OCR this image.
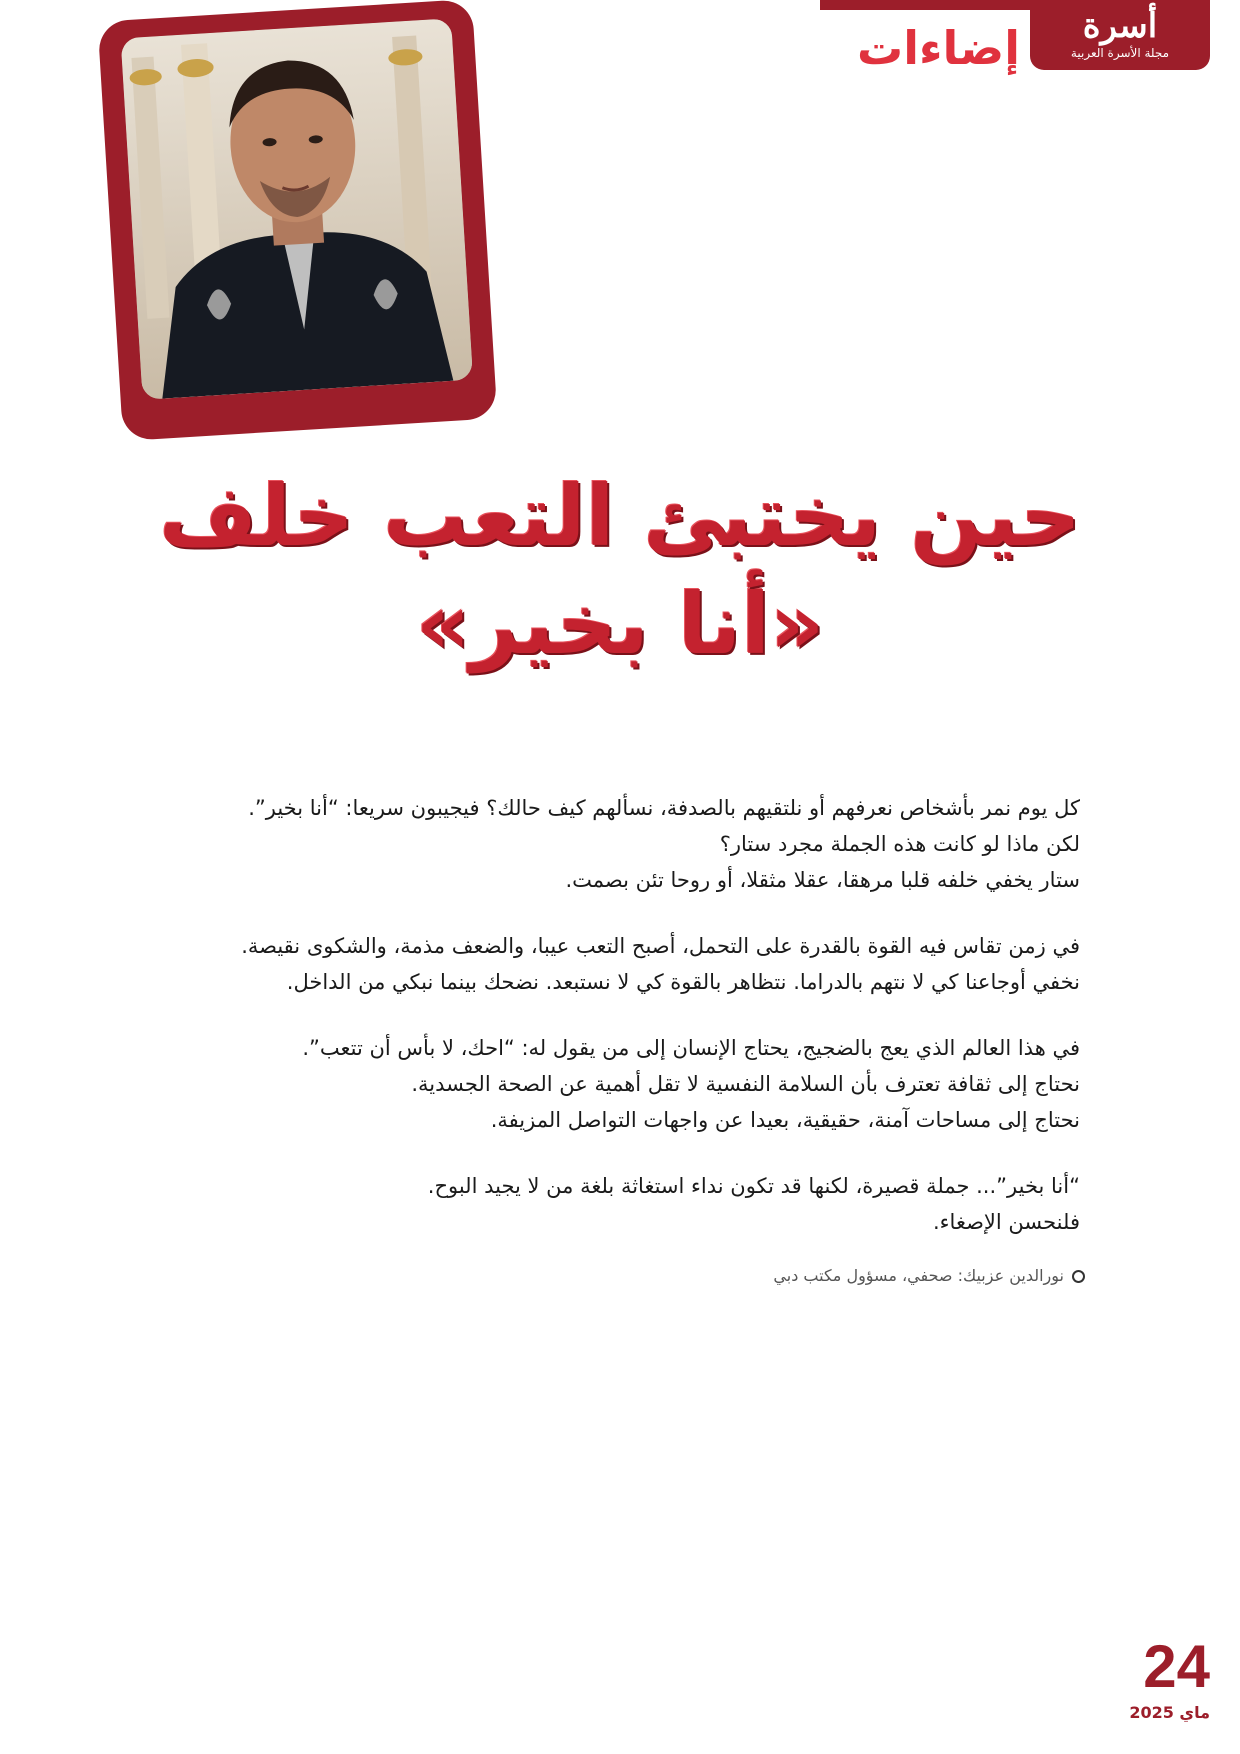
أسرة
مجلة الأسرة العربية
إضاءات
حين يختبئ التعب خلف
«أنا بخير»

كل يوم نمر بأشخاص نعرفهم أو نلتقيهم بالصدفة، نسألهم كيف حالك؟ فيجيبون سريعا: “أنا بخير”.
لكن ماذا لو كانت هذه الجملة مجرد ستار؟
ستار يخفي خلفه قلبا مرهقا، عقلا مثقلا، أو روحا تئن بصمت.

في زمن تقاس فيه القوة بالقدرة على التحمل، أصبح التعب عيبا، والضعف مذمة، والشكوى نقيصة.
نخفي أوجاعنا كي لا نتهم بالدراما. نتظاهر بالقوة كي لا نستبعد. نضحك بينما نبكي من الداخل.

في هذا العالم الذي يعج بالضجيج، يحتاج الإنسان إلى من يقول له: “احك، لا بأس أن تتعب”.
نحتاج إلى ثقافة تعترف بأن السلامة النفسية لا تقل أهمية عن الصحة الجسدية.
نحتاج إلى مساحات آمنة، حقيقية، بعيدا عن واجهات التواصل المزيفة.

“أنا بخير”... جملة قصيرة، لكنها قد تكون نداء استغاثة بلغة من لا يجيد البوح.
فلنحسن الإصغاء.

نورالدين عزبيك: صحفي، مسؤول مكتب دبي
24
ماي 2025
